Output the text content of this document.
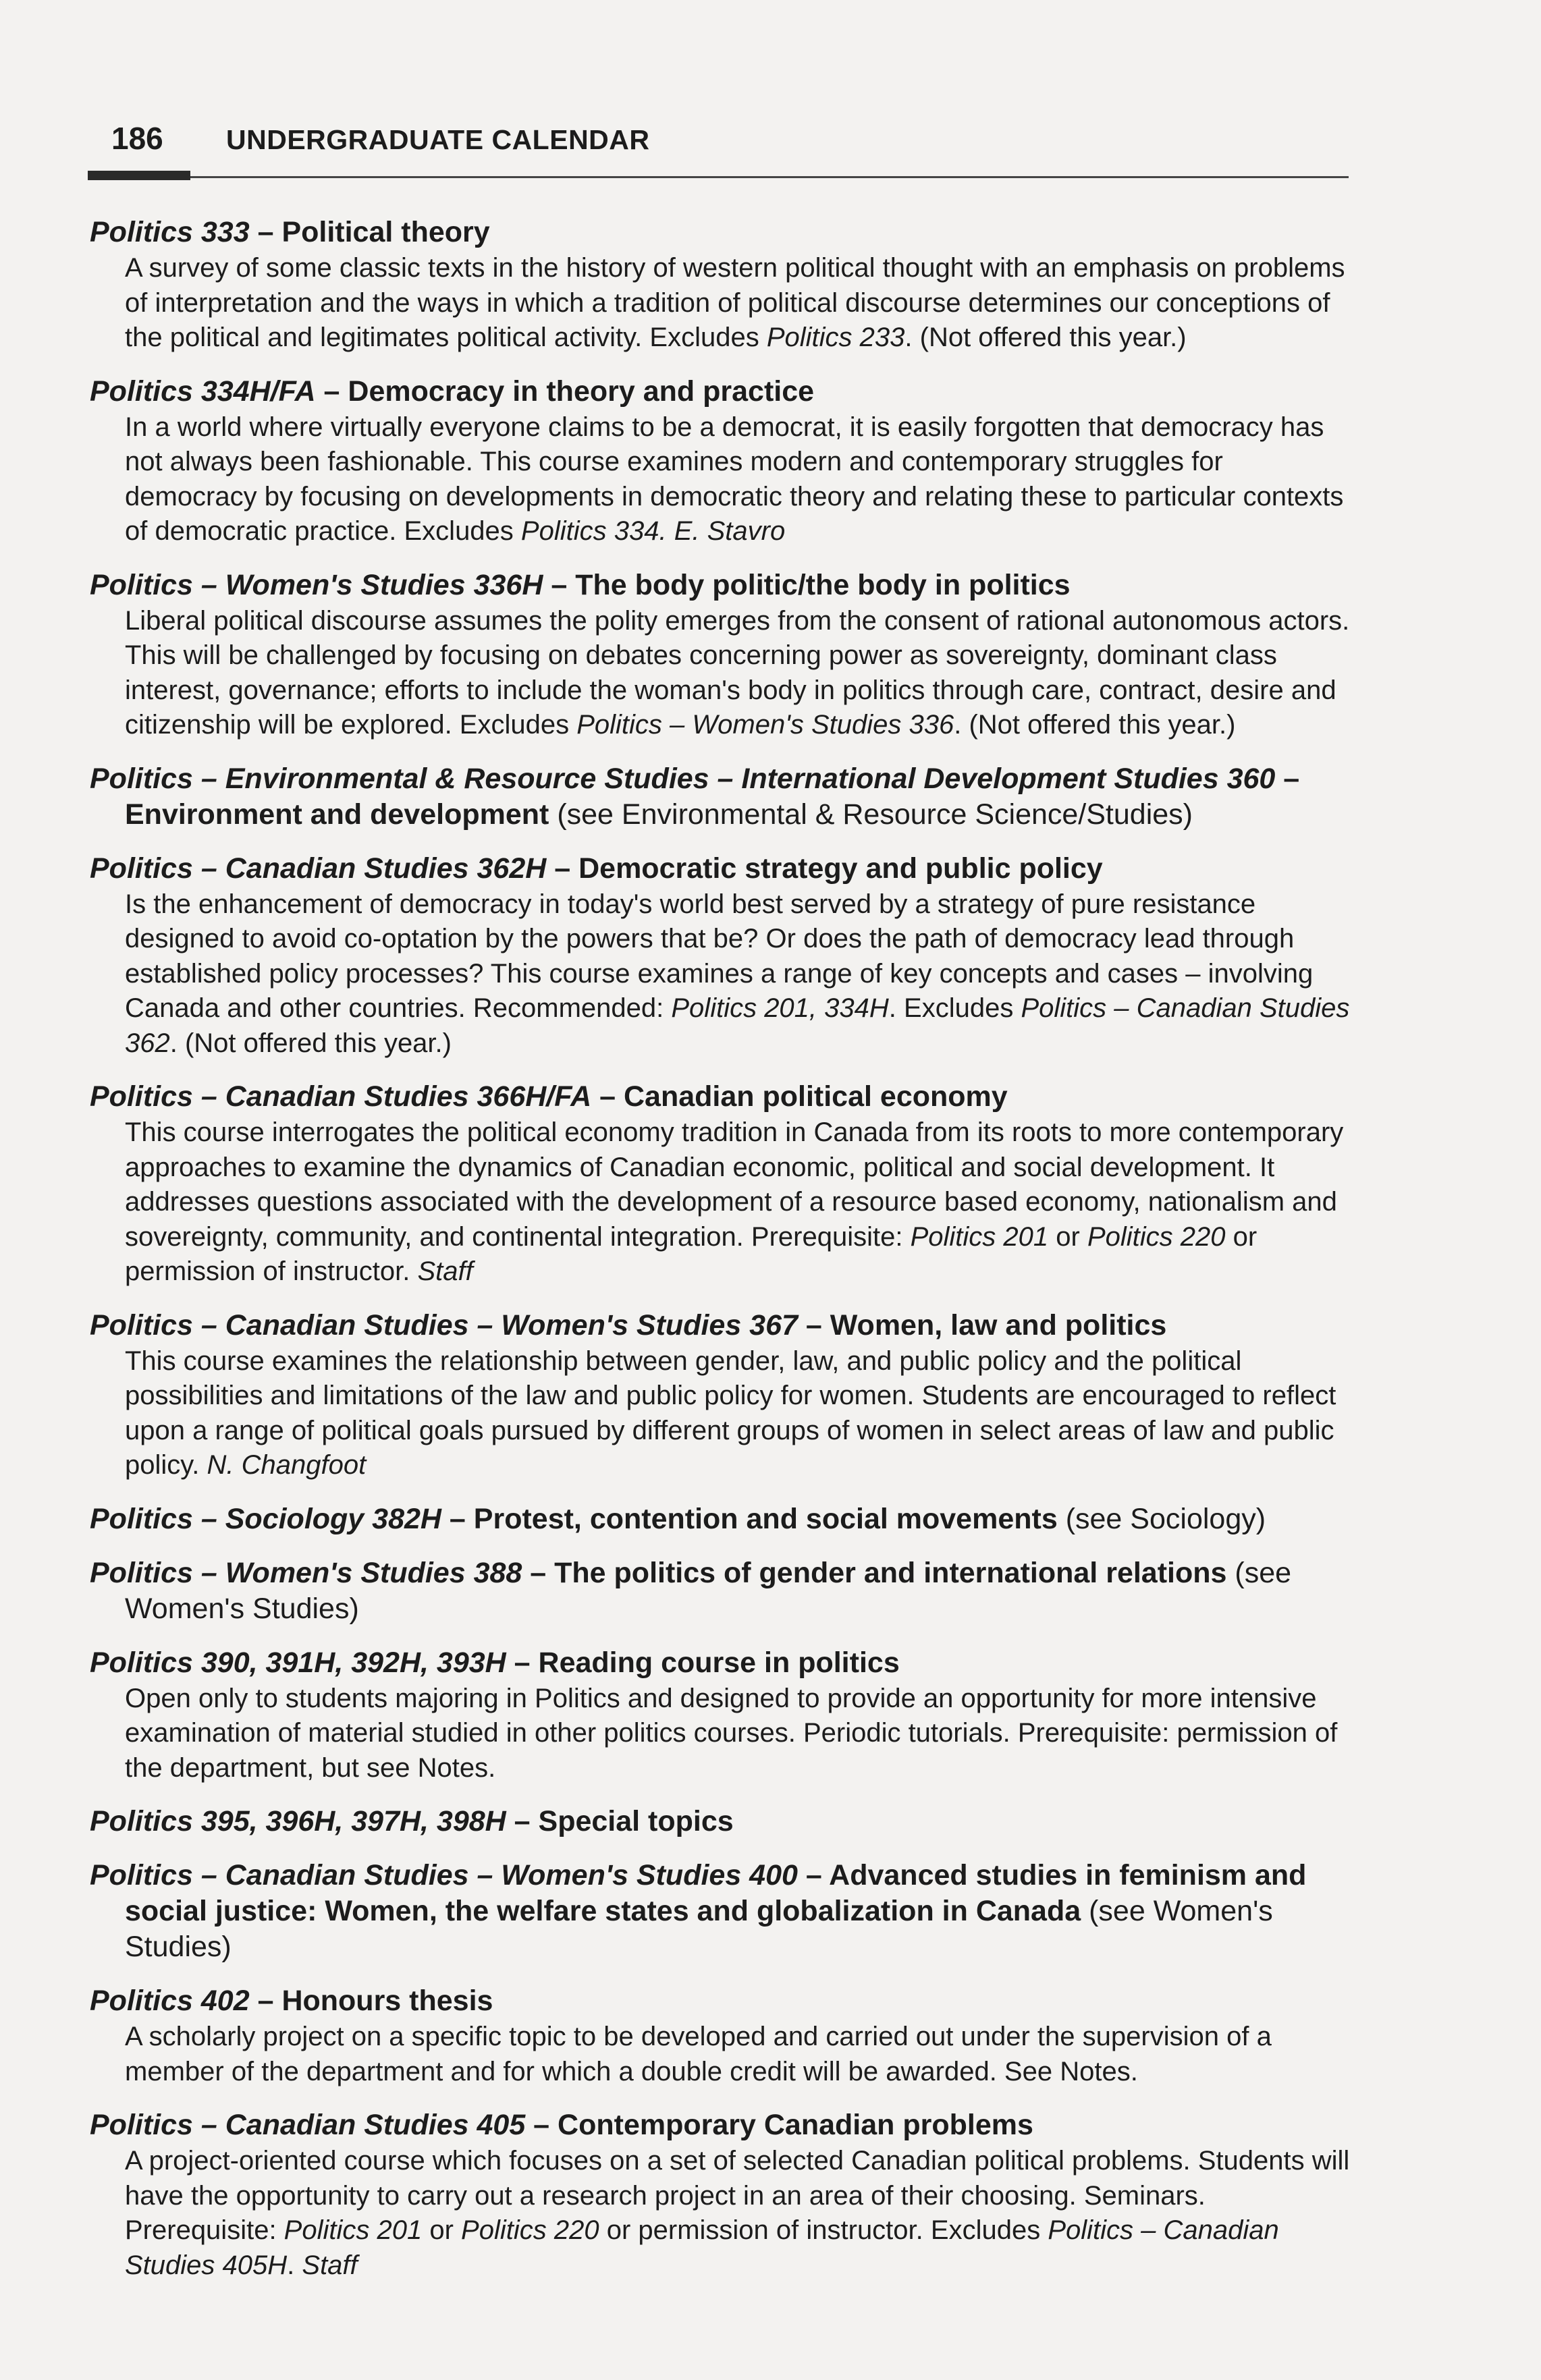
186	UNDERGRADUATE CALENDAR
Politics 333 – Political theory
A survey of some classic texts in the history of western political thought with an emphasis on problems of interpretation and the ways in which a tradition of political discourse determines our conceptions of the political and legitimates political activity. Excludes Politics 233. (Not offered this year.)
Politics 334H/FA – Democracy in theory and practice
In a world where virtually everyone claims to be a democrat, it is easily forgotten that democracy has not always been fashionable. This course examines modern and contemporary struggles for democracy by focusing on developments in democratic theory and relating these to particular contexts of democratic practice. Excludes Politics 334. E. Stavro
Politics – Women's Studies 336H – The body politic/the body in politics
Liberal political discourse assumes the polity emerges from the consent of rational autonomous actors. This will be challenged by focusing on debates concerning power as sovereignty, dominant class interest, governance; efforts to include the woman's body in politics through care, contract, desire and citizenship will be explored. Excludes Politics – Women's Studies 336. (Not offered this year.)
Politics – Environmental & Resource Studies – International Development Studies 360 – Environment and development (see Environmental & Resource Science/Studies)
Politics – Canadian Studies 362H – Democratic strategy and public policy
Is the enhancement of democracy in today's world best served by a strategy of pure resistance designed to avoid co-optation by the powers that be? Or does the path of democracy lead through established policy processes? This course examines a range of key concepts and cases – involving Canada and other countries. Recommended: Politics 201, 334H. Excludes Politics – Canadian Studies 362. (Not offered this year.)
Politics – Canadian Studies 366H/FA – Canadian political economy
This course interrogates the political economy tradition in Canada from its roots to more contemporary approaches to examine the dynamics of Canadian economic, political and social development. It addresses questions associated with the development of a resource based economy, nationalism and sovereignty, community, and continental integration. Prerequisite: Politics 201 or Politics 220 or permission of instructor. Staff
Politics – Canadian Studies – Women's Studies 367 – Women, law and politics
This course examines the relationship between gender, law, and public policy and the political possibilities and limitations of the law and public policy for women. Students are encouraged to reflect upon a range of political goals pursued by different groups of women in select areas of law and public policy. N. Changfoot
Politics – Sociology 382H – Protest, contention and social movements (see Sociology)
Politics – Women's Studies 388 – The politics of gender and international relations (see Women's Studies)
Politics 390, 391H, 392H, 393H – Reading course in politics
Open only to students majoring in Politics and designed to provide an opportunity for more intensive examination of material studied in other politics courses. Periodic tutorials. Prerequisite: permission of the department, but see Notes.
Politics 395, 396H, 397H, 398H – Special topics
Politics – Canadian Studies – Women's Studies 400 – Advanced studies in feminism and social justice: Women, the welfare states and globalization in Canada (see Women's Studies)
Politics 402 – Honours thesis
A scholarly project on a specific topic to be developed and carried out under the supervision of a member of the department and for which a double credit will be awarded. See Notes.
Politics – Canadian Studies 405 – Contemporary Canadian problems
A project-oriented course which focuses on a set of selected Canadian political problems. Students will have the opportunity to carry out a research project in an area of their choosing. Seminars. Prerequisite: Politics 201 or Politics 220 or permission of instructor. Excludes Politics – Canadian Studies 405H. Staff
